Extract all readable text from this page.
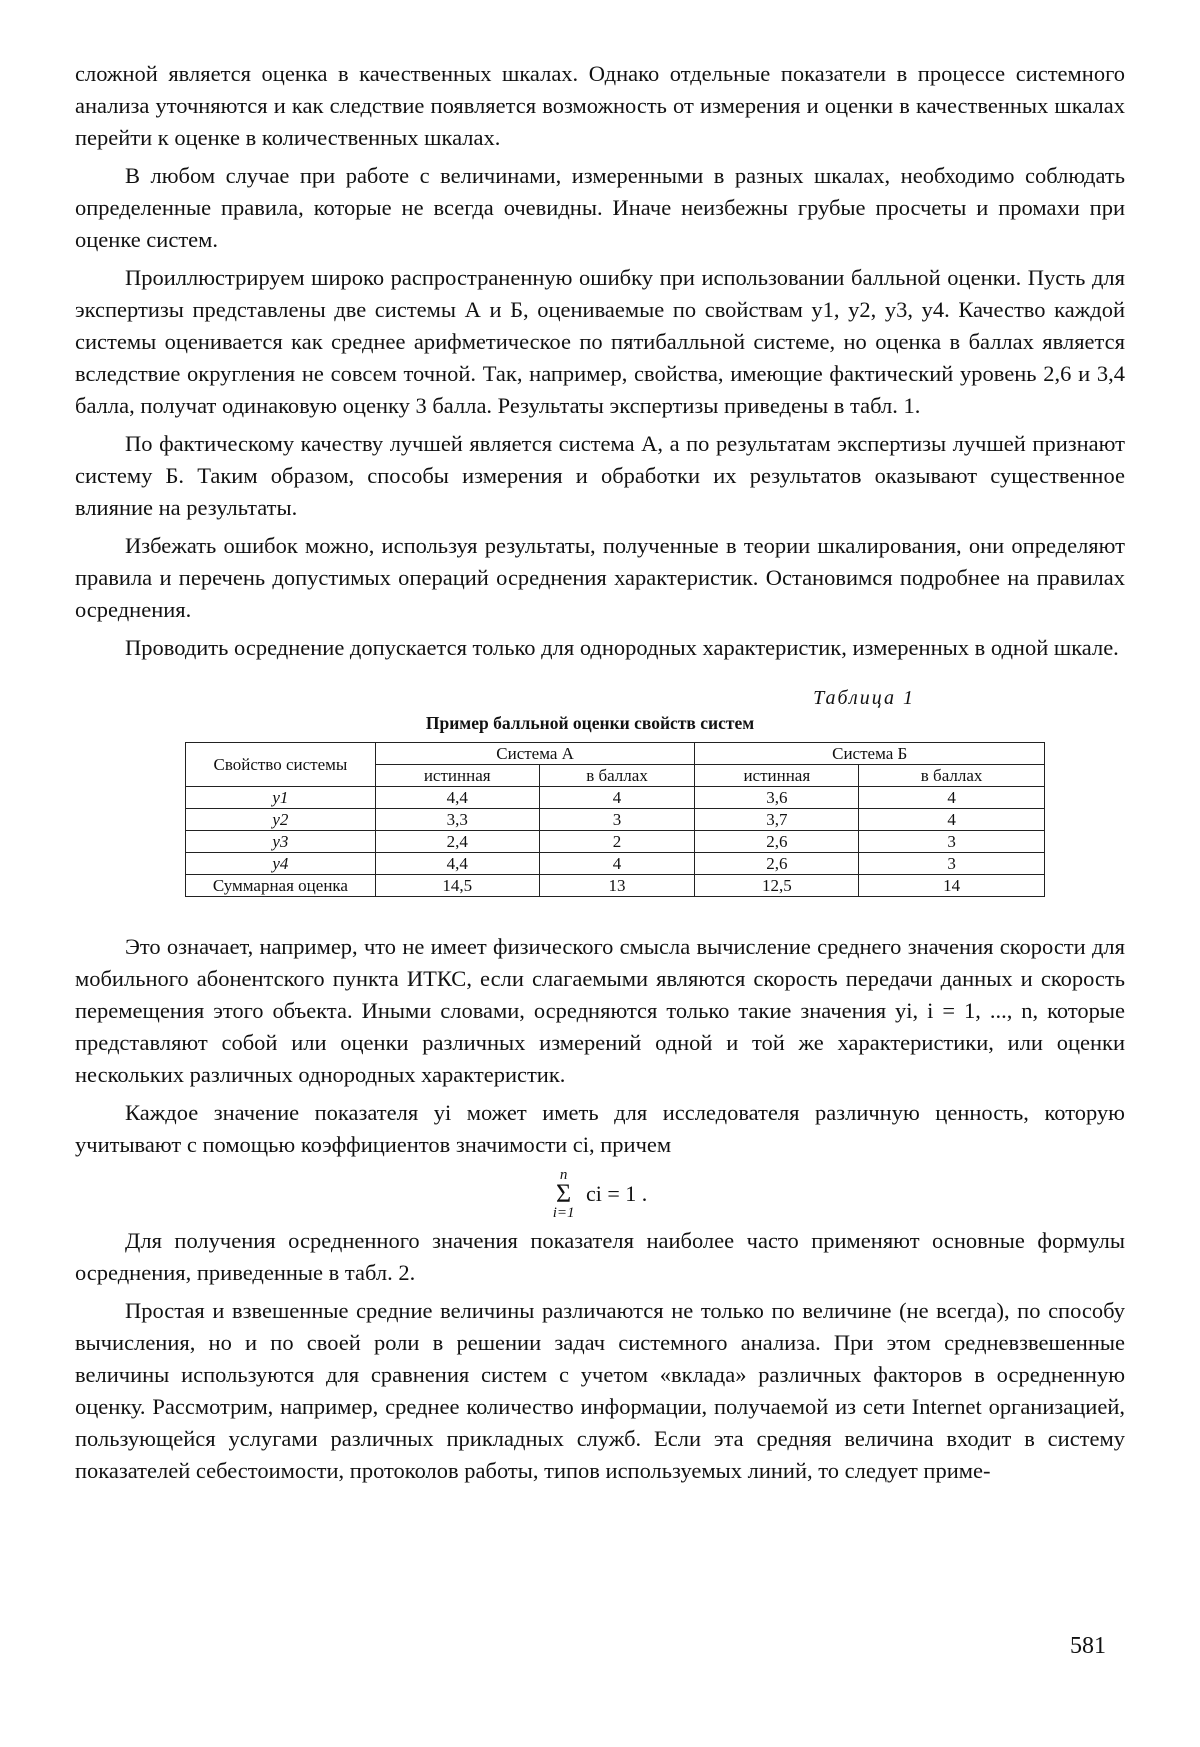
сложной является оценка в качественных шкалах. Однако отдельные показатели в процессе системного анализа уточняются и как следствие появляется возможность от измерения и оценки в качественных шкалах перейти к оценке в количественных шкалах.

В любом случае при работе с величинами, измеренными в разных шкалах, необходимо соблюдать определенные правила, которые не всегда очевидны. Иначе неизбежны грубые просчеты и промахи при оценке систем.

Проиллюстрируем широко распространенную ошибку при использовании балльной оценки. Пусть для экспертизы представлены две системы А и Б, оцениваемые по свойствам y1, y2, y3, y4. Качество каждой системы оценивается как среднее арифметическое по пятибалльной системе, но оценка в баллах является вследствие округления не совсем точной. Так, например, свойства, имеющие фактический уровень 2,6 и 3,4 балла, получат одинаковую оценку 3 балла. Результаты экспертизы приведены в табл. 1.

По фактическому качеству лучшей является система А, а по результатам экспертизы лучшей признают систему Б. Таким образом, способы измерения и обработки их результатов оказывают существенное влияние на результаты.

Избежать ошибок можно, используя результаты, полученные в теории шкалирования, они определяют правила и перечень допустимых операций осреднения характеристик. Остановимся подробнее на правилах осреднения.

Проводить осреднение допускается только для однородных характеристик, измеренных в одной шкале.

Таблица 1
Пример балльной оценки свойств систем
Свойство системы	Система А		Система Б	
	истинная	в баллах	истинная	в баллах
y1	4,4	4	3,6	4
y2	3,3	3	3,7	4
y3	2,4	2	2,6	3
y4	4,4	4	2,6	3
Суммарная оценка	14,5	13	12,5	14

Это означает, например, что не имеет физического смысла вычисление среднего значения скорости для мобильного абонентского пункта ИТКС, если слагаемыми являются скорость передачи данных и скорость перемещения этого объекта. Иными словами, осредняются только такие значения yi, i = 1, ..., n, которые представляют собой или оценки различных измерений одной и той же характеристики, или оценки нескольких различных однородных характеристик.

Каждое значение показателя yi может иметь для исследователя различную ценность, которую учитывают с помощью коэффициентов значимости ci, причем

n
Σ
i=1
ci = 1 .

Для получения осредненного значения показателя наиболее часто применяют основные формулы осреднения, приведенные в табл. 2.

Простая и взвешенные средние величины различаются не только по величине (не всегда), по способу вычисления, но и по своей роли в решении задач системного анализа. При этом средневзвешенные величины используются для сравнения систем с учетом «вклада» различных факторов в осредненную оценку. Рассмотрим, например, среднее количество информации, получаемой из сети Internet организацией, пользующейся услугами различных прикладных служб. Если эта средняя величина входит в систему показателей себестоимости, протоколов работы, типов используемых линий, то следует приме-

581
